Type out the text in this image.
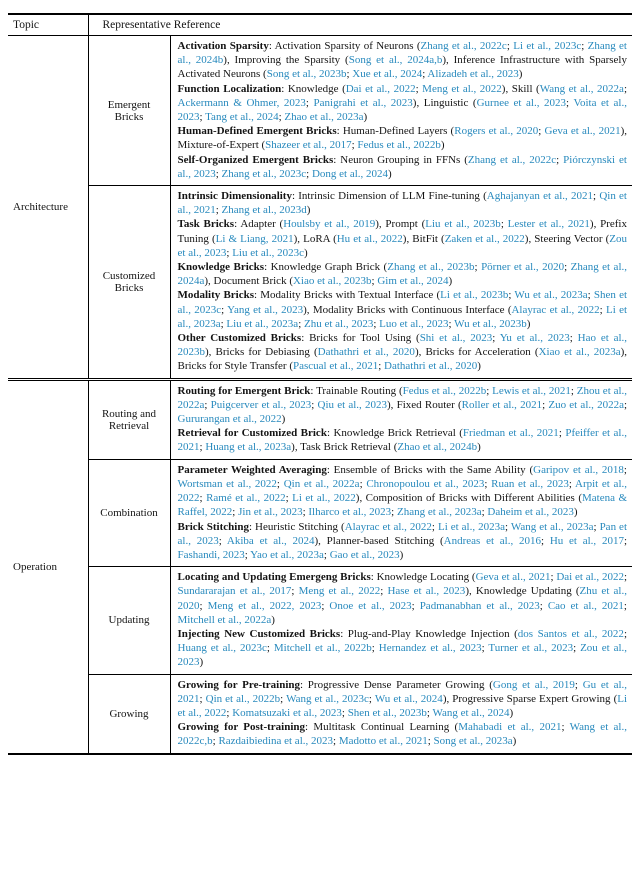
Topic	Representative Reference	
Architecture	Emergent Bricks	Activation Sparsity: Activation Sparsity of Neurons (Zhang et al., 2022c; Li et al., 2023c; Zhang et al., 2024b), Improving the Sparsity (Song et al., 2024a,b), Inference Infrastructure with Sparsely Activated Neurons (Song et al., 2023b; Xue et al., 2024; Alizadeh et al., 2023)

Function Localization: Knowledge (Dai et al., 2022; Meng et al., 2022), Skill (Wang et al., 2022a; Ackermann & Ohmer, 2023; Panigrahi et al., 2023), Linguistic (Gurnee et al., 2023; Voita et al., 2023; Tang et al., 2024; Zhao et al., 2023a)

Human-Defined Emergent Bricks: Human-Defined Layers (Rogers et al., 2020; Geva et al., 2021), Mixture-of-Expert (Shazeer et al., 2017; Fedus et al., 2022b)

Self-Organized Emergent Bricks: Neuron Grouping in FFNs (Zhang et al., 2022c; Piórczynski et al., 2023; Zhang et al., 2023c; Dong et al., 2024)

	Customized Bricks	Intrinsic Dimensionality: Intrinsic Dimension of LLM Fine-tuning (Aghajanyan et al., 2021; Qin et al., 2021; Zhang et al., 2023d)

Task Bricks: Adapter (Houlsby et al., 2019), Prompt (Liu et al., 2023b; Lester et al., 2021), Prefix Tuning (Li & Liang, 2021), LoRA (Hu et al., 2022), BitFit (Zaken et al., 2022), Steering Vector (Zou et al., 2023; Liu et al., 2023c)

Knowledge Bricks: Knowledge Graph Brick (Zhang et al., 2023b; Pörner et al., 2020; Zhang et al., 2024a), Document Brick (Xiao et al., 2023b; Gim et al., 2024)

Modality Bricks: Modality Bricks with Textual Interface (Li et al., 2023b; Wu et al., 2023a; Shen et al., 2023c; Yang et al., 2023), Modality Bricks with Continuous Interface (Alayrac et al., 2022; Li et al., 2023a; Liu et al., 2023a; Zhu et al., 2023; Luo et al., 2023; Wu et al., 2023b)

Other Customized Bricks: Bricks for Tool Using (Shi et al., 2023; Yu et al., 2023; Hao et al., 2023b), Bricks for Debiasing (Dathathri et al., 2020), Bricks for Acceleration (Xiao et al., 2023a), Bricks for Style Transfer (Pascual et al., 2021; Dathathri et al., 2020)

Operation	Routing and Retrieval	Routing for Emergent Brick: Trainable Routing (Fedus et al., 2022b; Lewis et al., 2021; Zhou et al., 2022a; Puigcerver et al., 2023; Qiu et al., 2023), Fixed Router (Roller et al., 2021; Zuo et al., 2022a; Gururangan et al., 2022)

Retrieval for Customized Brick: Knowledge Brick Retrieval (Friedman et al., 2021; Pfeiffer et al., 2021; Huang et al., 2023a), Task Brick Retrieval (Zhao et al., 2024b)

	Combination	Parameter Weighted Averaging: Ensemble of Bricks with the Same Ability (Garipov et al., 2018; Wortsman et al., 2022; Qin et al., 2022a; Chronopoulou et al., 2023; Ruan et al., 2023; Arpit et al., 2022; Ramé et al., 2022; Li et al., 2022), Composition of Bricks with Different Abilities (Matena & Raffel, 2022; Jin et al., 2023; Ilharco et al., 2023; Zhang et al., 2023a; Daheim et al., 2023)

Brick Stitching: Heuristic Stitching (Alayrac et al., 2022; Li et al., 2023a; Wang et al., 2023a; Pan et al., 2023; Akiba et al., 2024), Planner-based Stitching (Andreas et al., 2016; Hu et al., 2017; Fashandi, 2023; Yao et al., 2023a; Gao et al., 2023)

	Updating	Locating and Updating Emergeng Bricks: Knowledge Locating (Geva et al., 2021; Dai et al., 2022; Sundararajan et al., 2017; Meng et al., 2022; Hase et al., 2023), Knowledge Updating (Zhu et al., 2020; Meng et al., 2022, 2023; Onoe et al., 2023; Padmanabhan et al., 2023; Cao et al., 2021; Mitchell et al., 2022a)

Injecting New Customized Bricks: Plug-and-Play Knowledge Injection (dos Santos et al., 2022; Huang et al., 2023c; Mitchell et al., 2022b; Hernandez et al., 2023; Turner et al., 2023; Zou et al., 2023)

	Growing	Growing for Pre-training: Progressive Dense Parameter Growing (Gong et al., 2019; Gu et al., 2021; Qin et al., 2022b; Wang et al., 2023c; Wu et al., 2024), Progressive Sparse Expert Growing (Li et al., 2022; Komatsuzaki et al., 2023; Shen et al., 2023b; Wang et al., 2024)

Growing for Post-training: Multitask Continual Learning (Mahabadi et al., 2021; Wang et al., 2022c,b; Razdaibiedina et al., 2023; Madotto et al., 2021; Song et al., 2023a)
